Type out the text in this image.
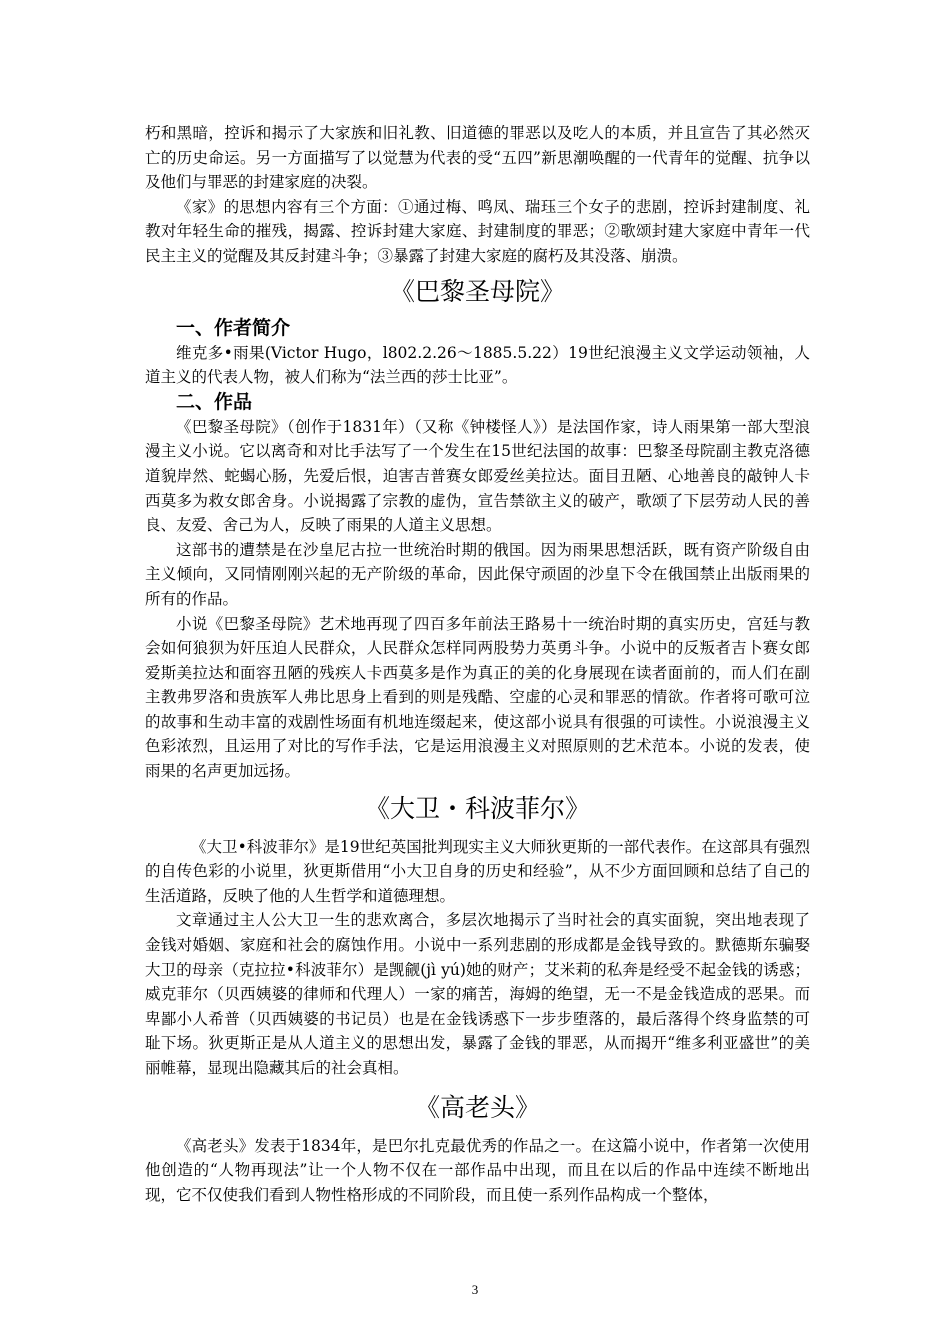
朽和黑暗，控诉和揭示了大家族和旧礼教、旧道德的罪恶以及吃人的本质，并且宣告了其必然灭亡的历史命运。另一方面描写了以觉慧为代表的受“五四”新思潮唤醒的一代青年的觉醒、抗争以及他们与罪恶的封建家庭的决裂。

《家》的思想内容有三个方面：①通过梅、鸣凤、瑞珏三个女子的悲剧，控诉封建制度、礼教对年轻生命的摧残，揭露、控诉封建大家庭、封建制度的罪恶；②歌颂封建大家庭中青年一代民主主义的觉醒及其反封建斗争；③暴露了封建大家庭的腐朽及其没落、崩溃。

《巴黎圣母院》
一、作者简介

维克多•雨果(Victor Hugo，l802.2.26～1885.5.22）19世纪浪漫主义文学运动领袖，人道主义的代表人物，被人们称为“法兰西的莎士比亚”。

二、作品

《巴黎圣母院》（创作于1831年）（又称《钟楼怪人》）是法国作家，诗人雨果第一部大型浪漫主义小说。它以离奇和对比手法写了一个发生在15世纪法国的故事：巴黎圣母院副主教克洛德道貌岸然、蛇蝎心肠，先爱后恨，迫害吉普赛女郎爱丝美拉达。面目丑陋、心地善良的敲钟人卡西莫多为救女郎舍身。小说揭露了宗教的虚伪，宣告禁欲主义的破产，歌颂了下层劳动人民的善良、友爱、舍己为人，反映了雨果的人道主义思想。

这部书的遭禁是在沙皇尼古拉一世统治时期的俄国。因为雨果思想活跃，既有资产阶级自由主义倾向，又同情刚刚兴起的无产阶级的革命，因此保守顽固的沙皇下令在俄国禁止出版雨果的所有的作品。

小说《巴黎圣母院》艺术地再现了四百多年前法王路易十一统治时期的真实历史，宫廷与教会如何狼狈为奸压迫人民群众，人民群众怎样同两股势力英勇斗争。小说中的反叛者吉卜赛女郎爱斯美拉达和面容丑陋的残疾人卡西莫多是作为真正的美的化身展现在读者面前的，而人们在副主教弗罗洛和贵族军人弗比思身上看到的则是残酷、空虚的心灵和罪恶的情欲。作者将可歌可泣的故事和生动丰富的戏剧性场面有机地连缀起来，使这部小说具有很强的可读性。小说浪漫主义色彩浓烈，且运用了对比的写作手法，它是运用浪漫主义对照原则的艺术范本。小说的发表，使雨果的名声更加远扬。

《大卫・科波菲尔》

《大卫•科波菲尔》是19世纪英国批判现实主义大师狄更斯的一部代表作。在这部具有强烈的自传色彩的小说里，狄更斯借用“小大卫自身的历史和经验”，从不少方面回顾和总结了自己的生活道路，反映了他的人生哲学和道德理想。

文章通过主人公大卫一生的悲欢离合，多层次地揭示了当时社会的真实面貌，突出地表现了金钱对婚姻、家庭和社会的腐蚀作用。小说中一系列悲剧的形成都是金钱导致的。默德斯东骗娶大卫的母亲（克拉拉•科波菲尔）是觊觎(jì yú)她的财产；艾米莉的私奔是经受不起金钱的诱惑；威克菲尔（贝西姨婆的律师和代理人）一家的痛苦，海姆的绝望，无一不是金钱造成的恶果。而卑鄙小人希普（贝西姨婆的书记员）也是在金钱诱惑下一步步堕落的，最后落得个终身监禁的可耻下场。狄更斯正是从人道主义的思想出发，暴露了金钱的罪恶，从而揭开“维多利亚盛世”的美丽帷幕，显现出隐藏其后的社会真相。

《高老头》

《高老头》发表于1834年，是巴尔扎克最优秀的作品之一。在这篇小说中，作者第一次使用他创造的“人物再现法”让一个人物不仅在一部作品中出现，而且在以后的作品中连续不断地出现，它不仅使我们看到人物性格形成的不同阶段，而且使一系列作品构成一个整体，

3
